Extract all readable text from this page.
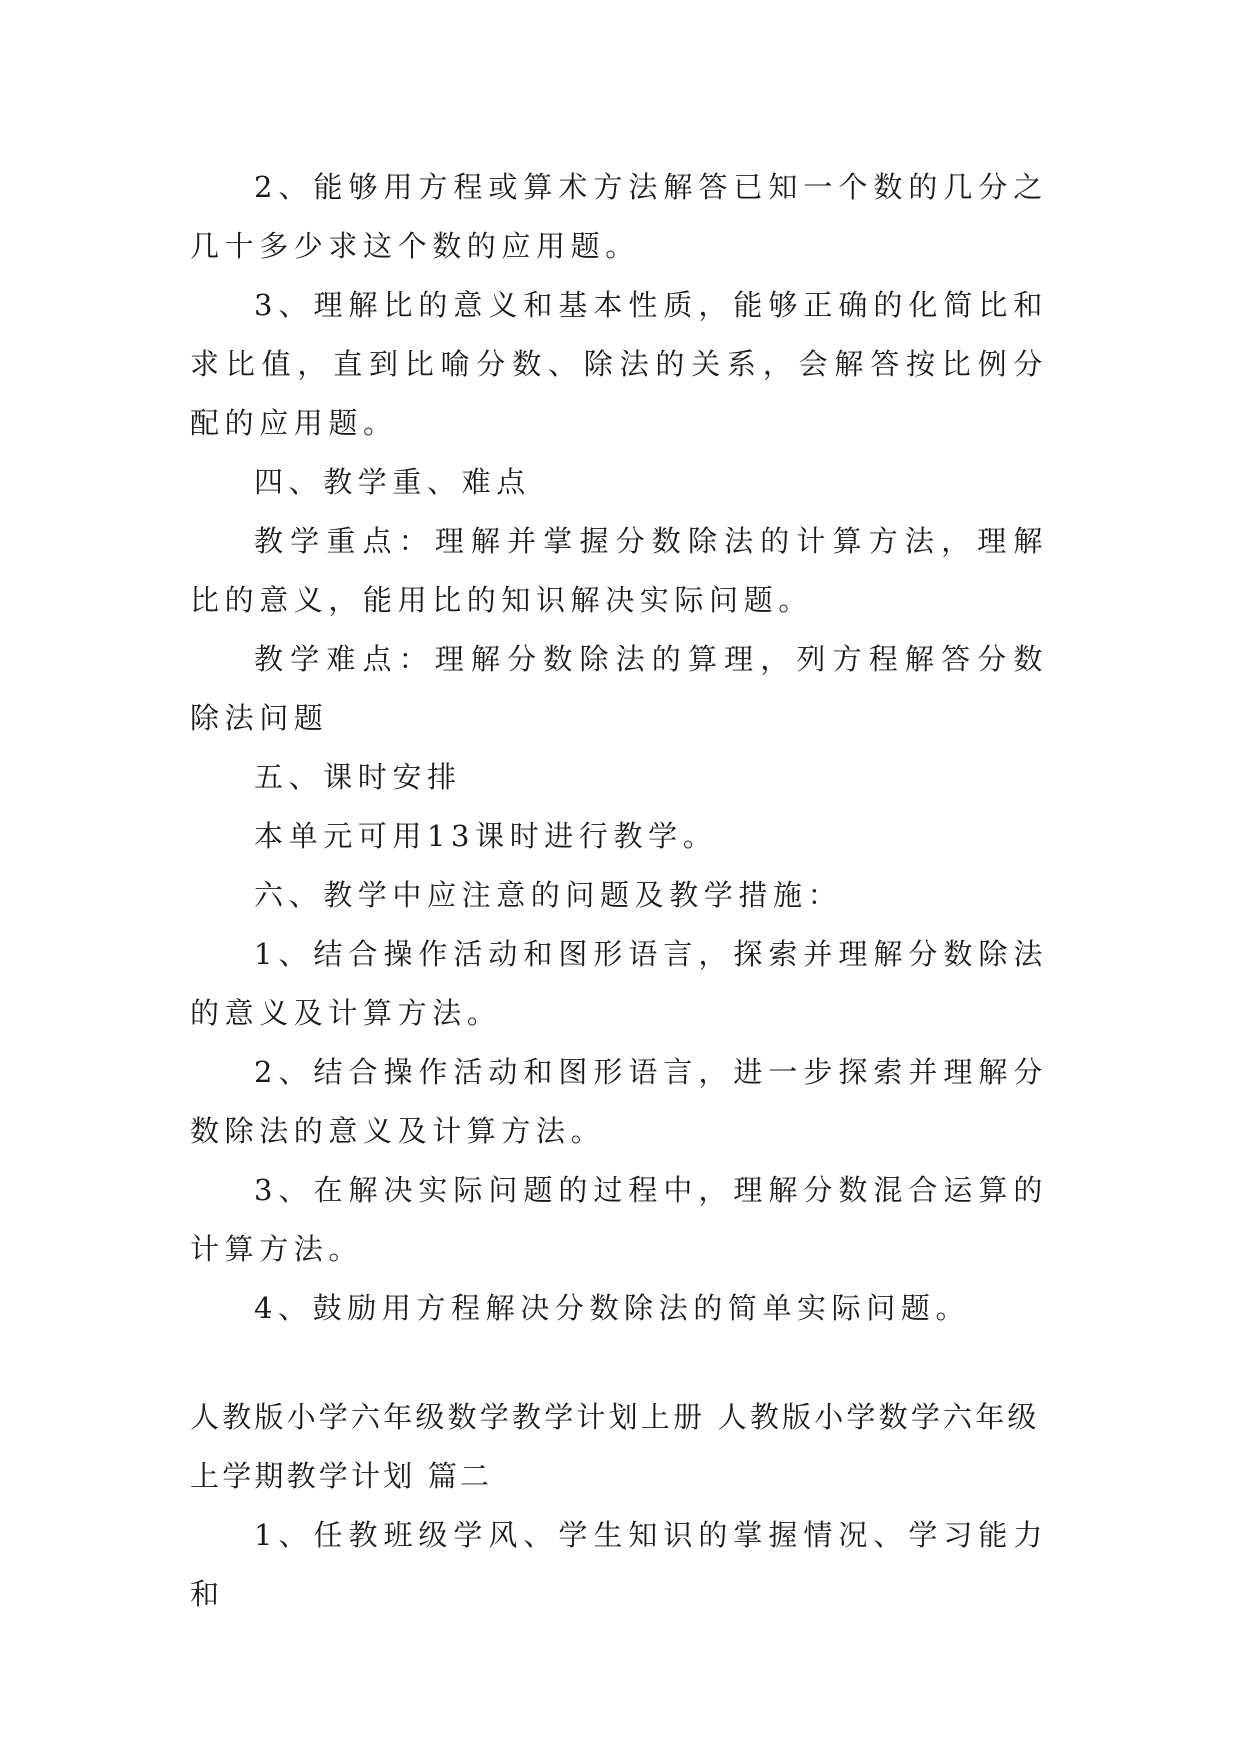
2、能够用方程或算术方法解答已知一个数的几分之几十多少求这个数的应用题。

3、理解比的意义和基本性质，能够正确的化简比和求比值，直到比喻分数、除法的关系，会解答按比例分配的应用题。

四、教学重、难点

教学重点：理解并掌握分数除法的计算方法，理解比的意义，能用比的知识解决实际问题。

教学难点：理解分数除法的算理，列方程解答分数除法问题

五、课时安排

本单元可用13课时进行教学。

六、教学中应注意的问题及教学措施：

1、结合操作活动和图形语言，探索并理解分数除法的意义及计算方法。

2、结合操作活动和图形语言，进一步探索并理解分数除法的意义及计算方法。

3、在解决实际问题的过程中，理解分数混合运算的计算方法。

4、鼓励用方程解决分数除法的简单实际问题。

人教版小学六年级数学教学计划上册 人教版小学数学六年级上学期教学计划 篇二

1、任教班级学风、学生知识的掌握情况、学习能力和
